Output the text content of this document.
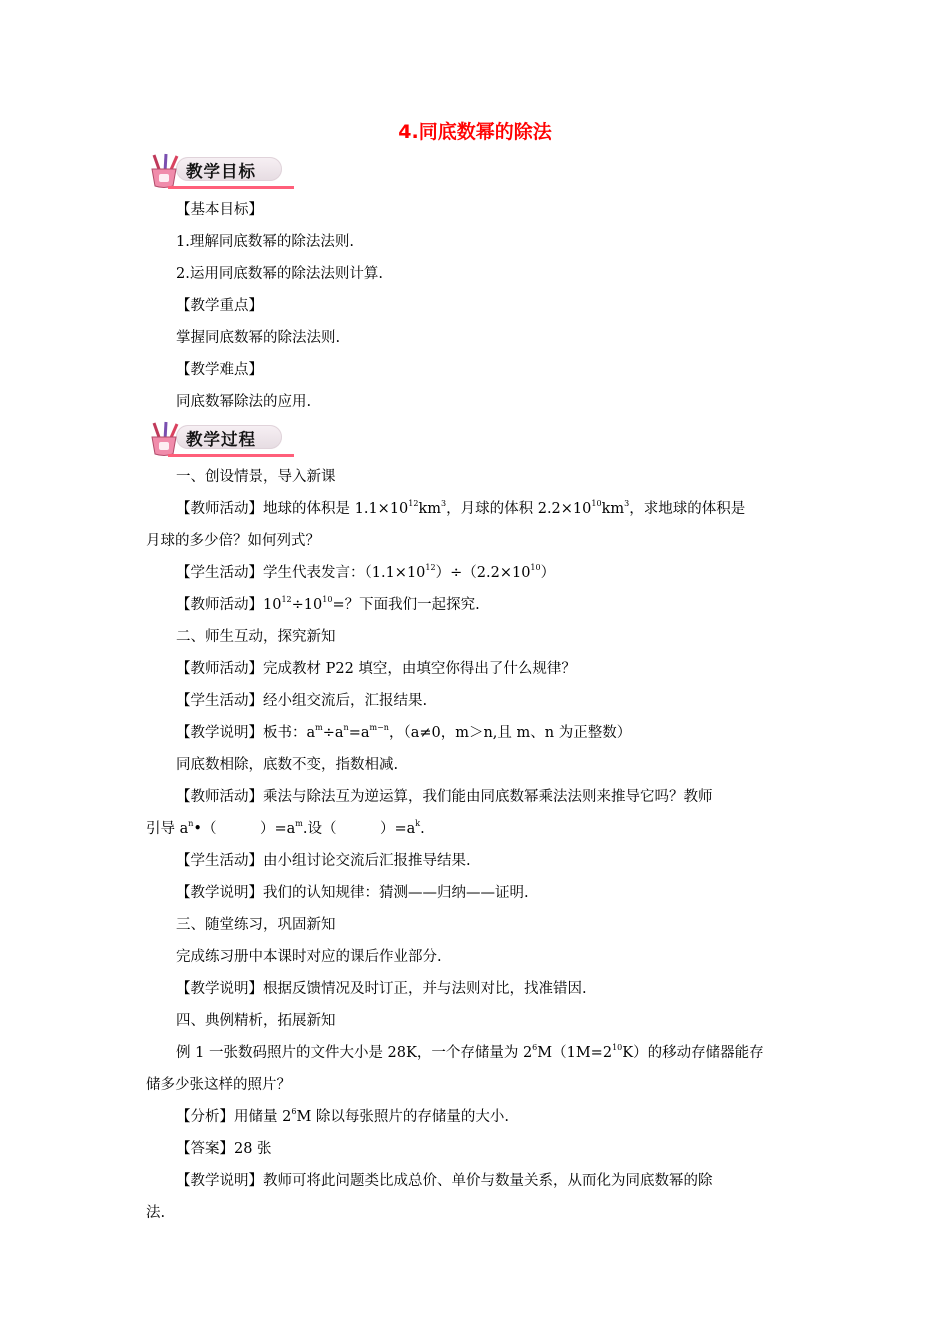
4.同底数幂的除法
教学目标
【基本目标】
1.理解同底数幂的除法法则.
2.运用同底数幂的除法法则计算.
【教学重点】
掌握同底数幂的除法法则.
【教学难点】
同底数幂除法的应用.
教学过程
一、创设情景，导入新课
【教师活动】地球的体积是 $1.1\times 10^{12}km^3$，月球的体积 $2.2\times 10^{10}km^3$，求地球的体积是
月球的多少倍？如何列式？
【学生活动】学生代表发言：$(1.1\times 10^{12})\div(2.2\times 10^{10})$
【教师活动】$10^{12}\div 10^{10}=$？下面我们一起探究.
二、师生互动，探究新知
【教师活动】完成教材 P22 填空，由填空你得出了什么规律？
【学生活动】经小组交流后，汇报结果.
【教学说明】板书：$a^m\div a^n=a^{m-n}$，（a≠0，m＞n,且 m、n 为正整数）
同底数相除，底数不变，指数相减.
【教师活动】乘法与除法互为逆运算，我们能由同底数幂乘法法则来推导它吗？教师
引导 $a^n•$（　　　）$=a^m$.设（　　　）$=a^k$.
【学生活动】由小组讨论交流后汇报推导结果.
【教学说明】我们的认知规律：猜测——归纳——证明.
三、随堂练习，巩固新知
完成练习册中本课时对应的课后作业部分.
【教学说明】根据反馈情况及时订正，并与法则对比，找准错因.
四、典例精析，拓展新知
例 1 一张数码照片的文件大小是 28K，一个存储量为 $2^6M(1M=2^{10}K)$的移动存储器能存
储多少张这样的照片？
【分析】用储量 $2^6M$ 除以每张照片的存储量的大小.
【答案】28 张
【教学说明】教师可将此问题类比成总价、单价与数量关系，从而化为同底数幂的除
法.
